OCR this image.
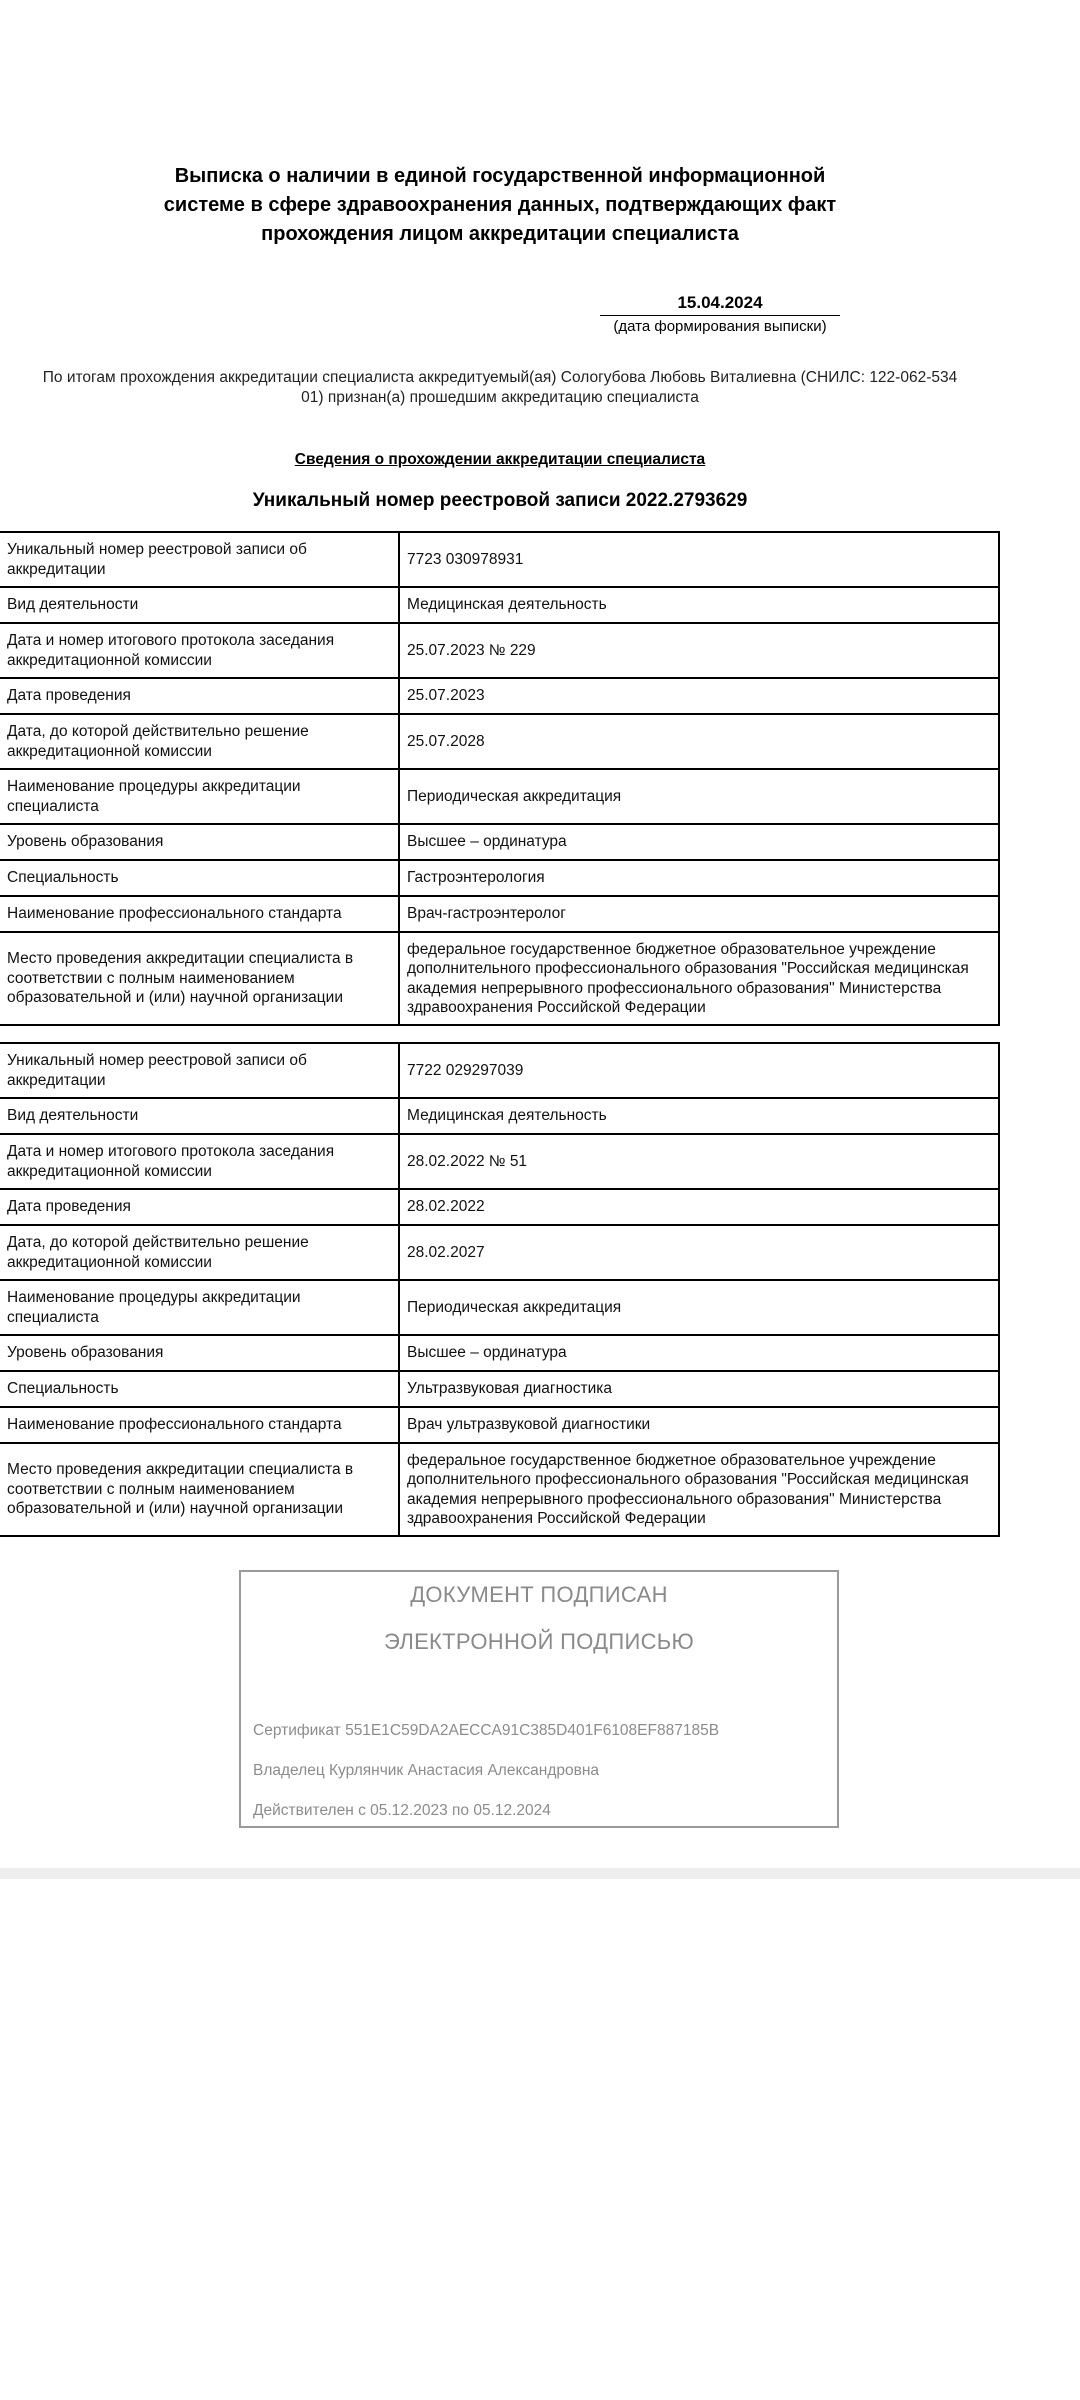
Выписка о наличии в единой государственной информационной
системе в сфере здравоохранения данных, подтверждающих факт
прохождения лицом аккредитации специалиста
15.04.2024
(дата формирования выписки)
По итогам прохождения аккредитации специалиста аккредитуемый(ая) Сологубова Любовь Виталиевна (СНИЛС: 122-062-534
01) признан(а) прошедшим аккредитацию специалиста
Сведения о прохождении аккредитации специалиста
Уникальный номер реестровой записи 2022.2793629
Уникальный номер реестровой записи об аккредитации	7723 030978931
Вид деятельности	Медицинская деятельность
Дата и номер итогового протокола заседания аккредитационной комиссии	25.07.2023 № 229
Дата проведения	25.07.2023
Дата, до которой действительно решение аккредитационной комиссии	25.07.2028
Наименование процедуры аккредитации специалиста	Периодическая аккредитация
Уровень образования	Высшее – ординатура
Специальность	Гастроэнтерология
Наименование профессионального стандарта	Врач-гастроэнтеролог
Место проведения аккредитации специалиста в соответствии с полным наименованием образовательной и (или) научной организации	федеральное государственное бюджетное образовательное учреждение дополнительного профессионального образования "Российская медицинская академия непрерывного профессионального образования" Министерства здравоохранения Российской Федерации
Уникальный номер реестровой записи об аккредитации	7722 029297039
Вид деятельности	Медицинская деятельность
Дата и номер итогового протокола заседания аккредитационной комиссии	28.02.2022 № 51
Дата проведения	28.02.2022
Дата, до которой действительно решение аккредитационной комиссии	28.02.2027
Наименование процедуры аккредитации специалиста	Периодическая аккредитация
Уровень образования	Высшее – ординатура
Специальность	Ультразвуковая диагностика
Наименование профессионального стандарта	Врач ультразвуковой диагностики
Место проведения аккредитации специалиста в соответствии с полным наименованием образовательной и (или) научной организации	федеральное государственное бюджетное образовательное учреждение дополнительного профессионального образования "Российская медицинская академия непрерывного профессионального образования" Министерства здравоохранения Российской Федерации
ДОКУМЕНТ ПОДПИСАН
ЭЛЕКТРОННОЙ ПОДПИСЬЮ
Сертификат 551E1C59DA2AECCA91C385D401F6108EF887185B
Владелец Курлянчик Анастасия Александровна
Действителен с 05.12.2023 по 05.12.2024
